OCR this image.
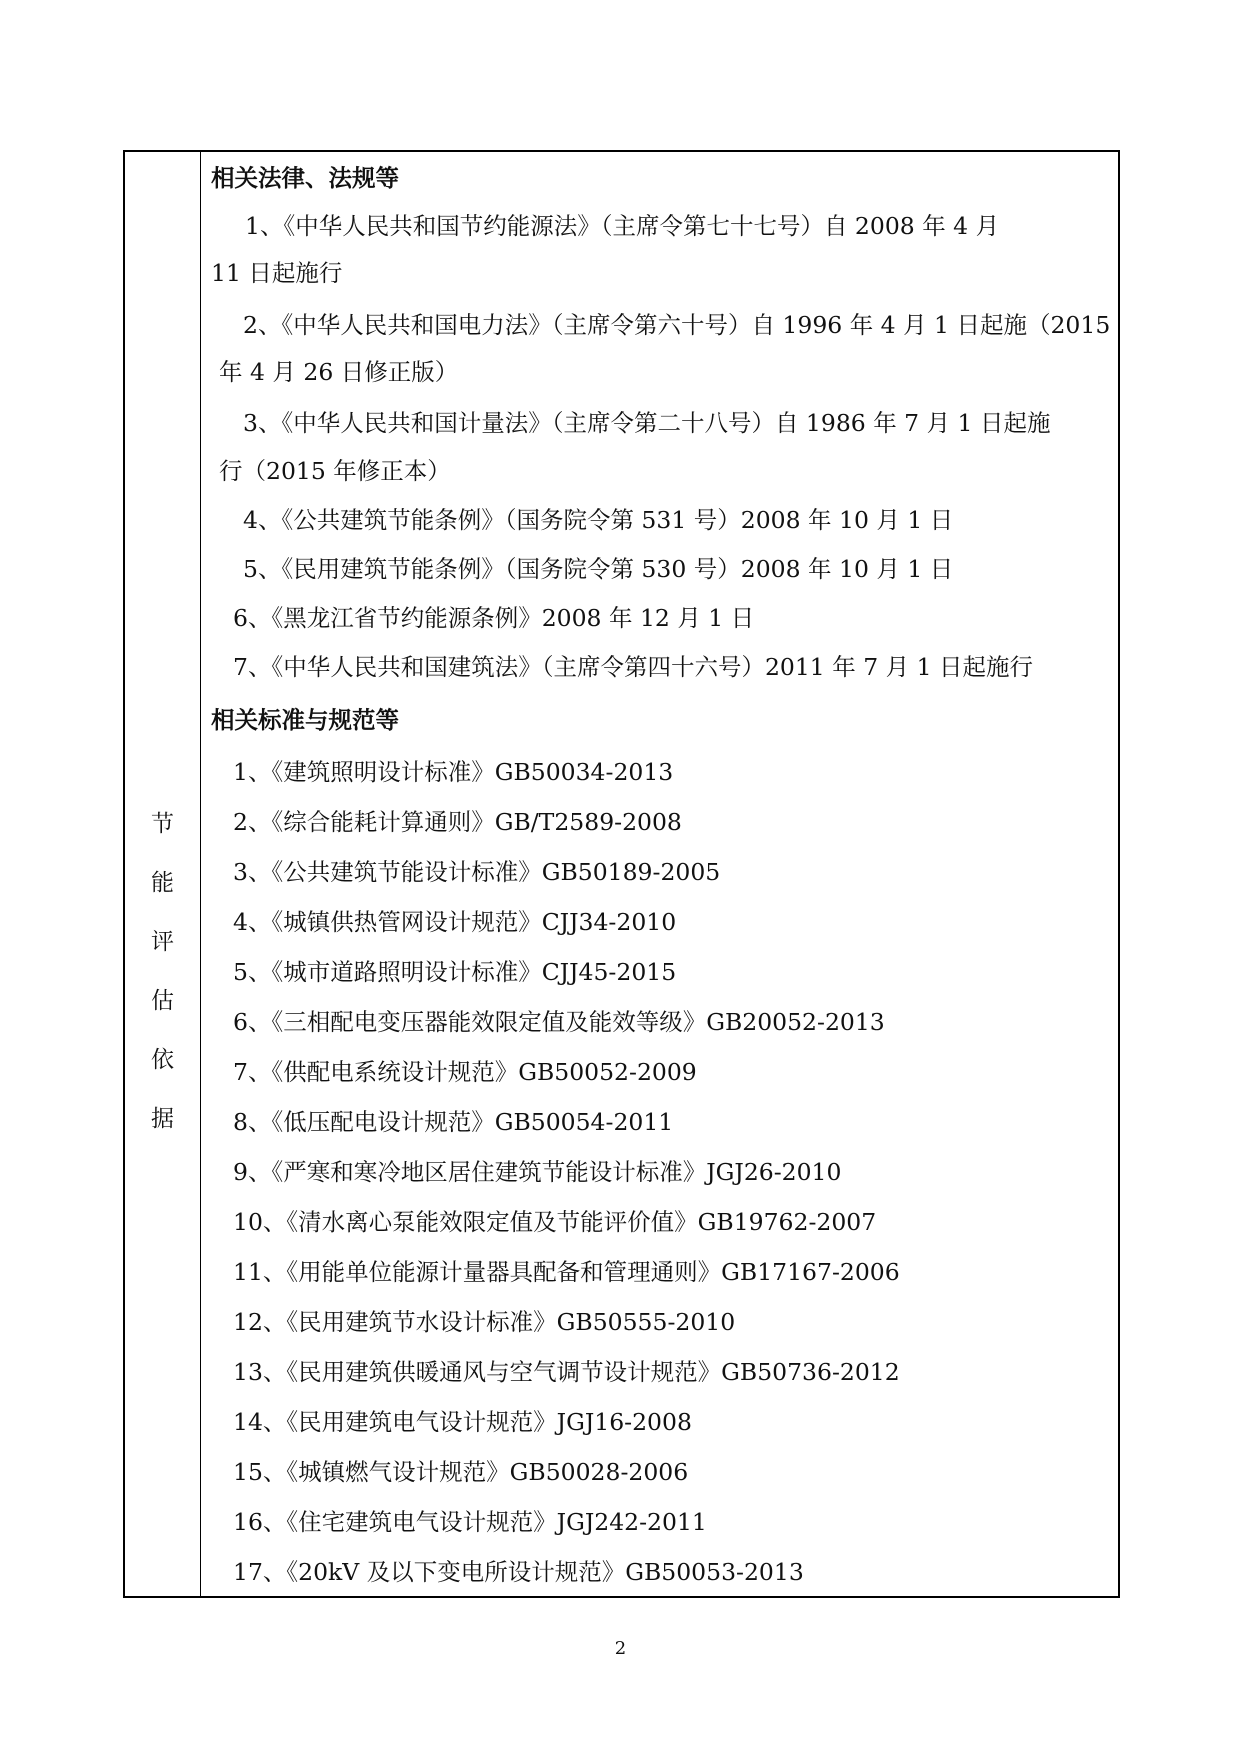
节
能
评
估
依
据
相关法律、法规等
1、《中华人民共和国节约能源法》（主席令第七十七号）自 2008 年 4 月
11 日起施行
2、《中华人民共和国电力法》（主席令第六十号）自 1996 年 4 月 1 日起施（2015
年 4 月 26 日修正版）
3、《中华人民共和国计量法》（主席令第二十八号）自 1986 年 7 月 1 日起施
行（2015 年修正本）
4、《公共建筑节能条例》（国务院令第 531 号）2008 年 10 月 1 日
5、《民用建筑节能条例》（国务院令第 530 号）2008 年 10 月 1 日
6、《黑龙江省节约能源条例》2008 年 12 月 1 日
7、《中华人民共和国建筑法》（主席令第四十六号）2011 年 7 月 1 日起施行
相关标准与规范等
1、《建筑照明设计标准》GB50034-2013
2、《综合能耗计算通则》GB/T2589-2008
3、《公共建筑节能设计标准》GB50189-2005
4、《城镇供热管网设计规范》CJJ34-2010
5、《城市道路照明设计标准》CJJ45-2015
6、《三相配电变压器能效限定值及能效等级》GB20052-2013
7、《供配电系统设计规范》GB50052-2009
8、《低压配电设计规范》GB50054-2011
9、《严寒和寒冷地区居住建筑节能设计标准》JGJ26-2010
10、《清水离心泵能效限定值及节能评价值》GB19762-2007
11、《用能单位能源计量器具配备和管理通则》GB17167-2006
12、《民用建筑节水设计标准》GB50555-2010
13、《民用建筑供暖通风与空气调节设计规范》GB50736-2012
14、《民用建筑电气设计规范》JGJ16-2008
15、《城镇燃气设计规范》GB50028-2006
16、《住宅建筑电气设计规范》JGJ242-2011
17、《20kV 及以下变电所设计规范》GB50053-2013
2
